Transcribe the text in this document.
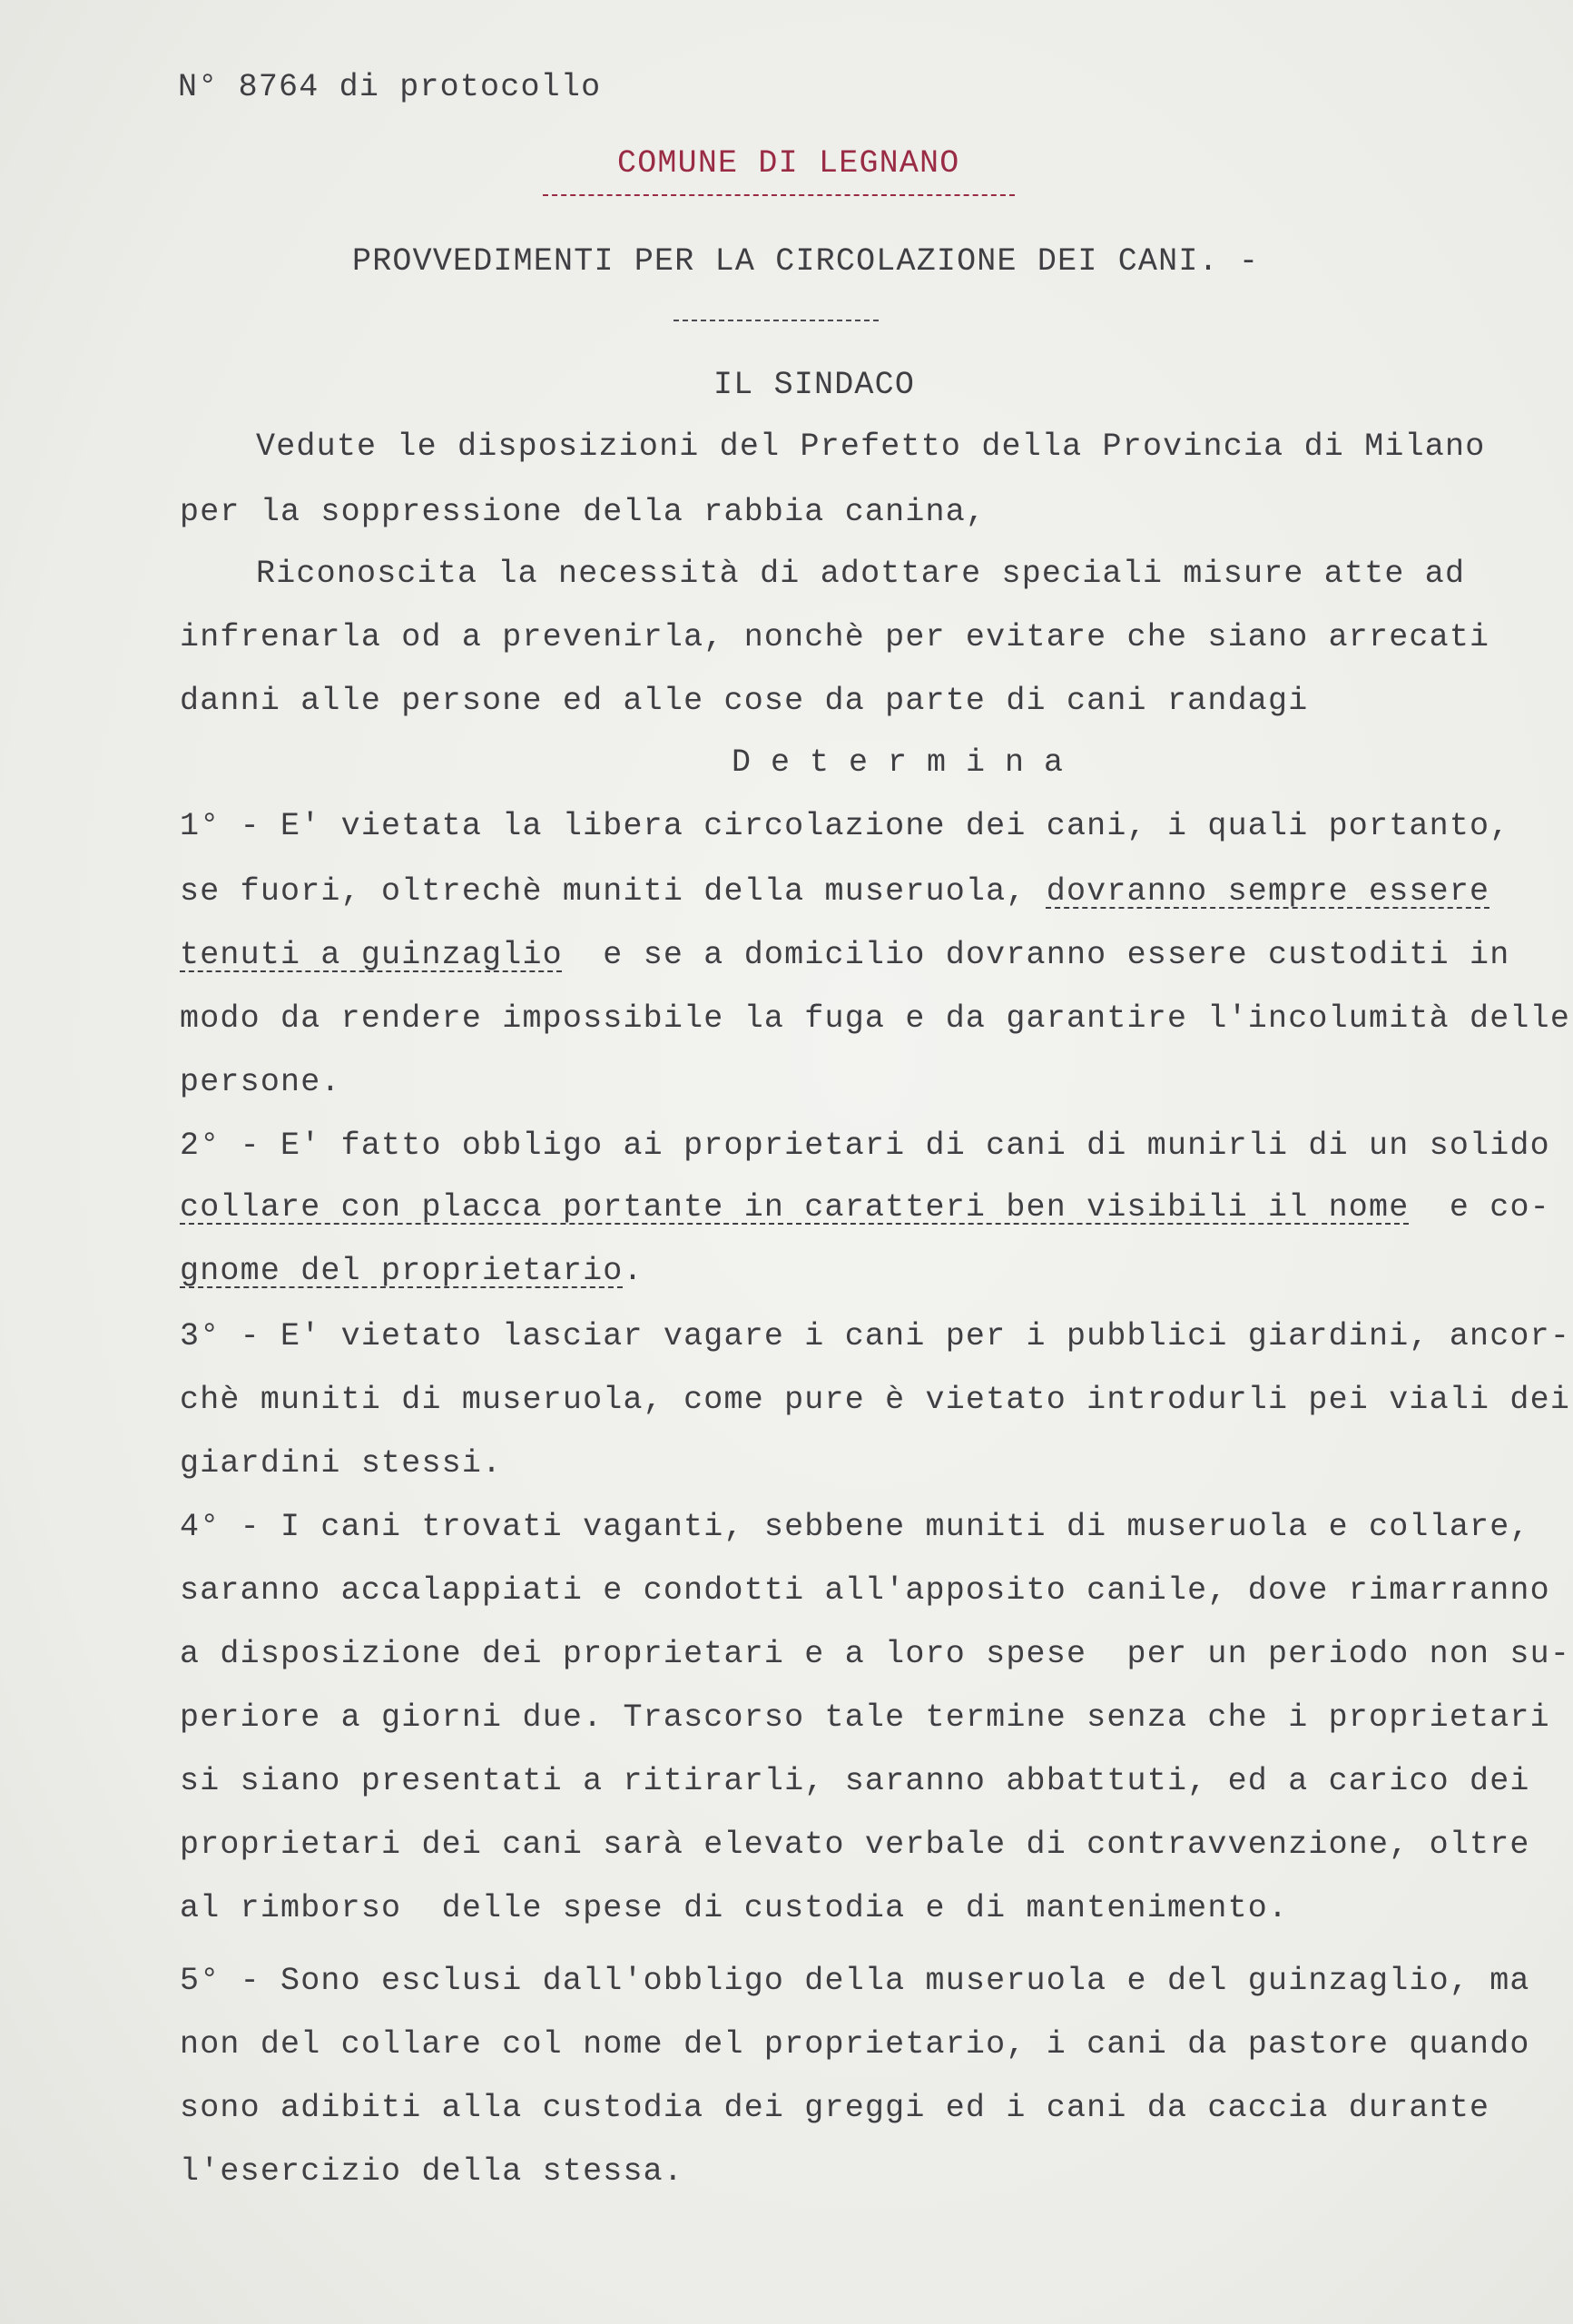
N° 8764 di protocollo
COMUNE DI LEGNANO
PROVVEDIMENTI PER LA CIRCOLAZIONE DEI CANI. -
IL SINDACO
Vedute le disposizioni del Prefetto della Provincia di Milano
per la soppressione della rabbia canina,
Riconoscita la necessità di adottare speciali misure atte ad
infrenarla od a prevenirla, nonchè per evitare che siano arrecati
danni alle persone ed alle cose da parte di cani randagi
Determina
1° - E' vietata la libera circolazione dei cani, i quali portanto,
se fuori, oltrechè muniti della museruola, dovranno sempre essere
tenuti a guinzaglio  e se a domicilio dovranno essere custoditi in
modo da rendere impossibile la fuga e da garantire l'incolumità delle
persone.
2° - E' fatto obbligo ai proprietari di cani di munirli di un solido
collare con placca portante in caratteri ben visibili il nome  e co-
gnome del proprietario.
3° - E' vietato lasciar vagare i cani per i pubblici giardini, ancor-
chè muniti di museruola, come pure è vietato introdurli pei viali dei
giardini stessi.
4° - I cani trovati vaganti, sebbene muniti di museruola e collare,
saranno accalappiati e condotti all'apposito canile, dove rimarranno
a disposizione dei proprietari e a loro spese  per un periodo non su-
periore a giorni due. Trascorso tale termine senza che i proprietari
si siano presentati a ritirarli, saranno abbattuti, ed a carico dei
proprietari dei cani sarà elevato verbale di contravvenzione, oltre
al rimborso  delle spese di custodia e di mantenimento.
5° - Sono esclusi dall'obbligo della museruola e del guinzaglio, ma
non del collare col nome del proprietario, i cani da pastore quando
sono adibiti alla custodia dei greggi ed i cani da caccia durante
l'esercizio della stessa.
